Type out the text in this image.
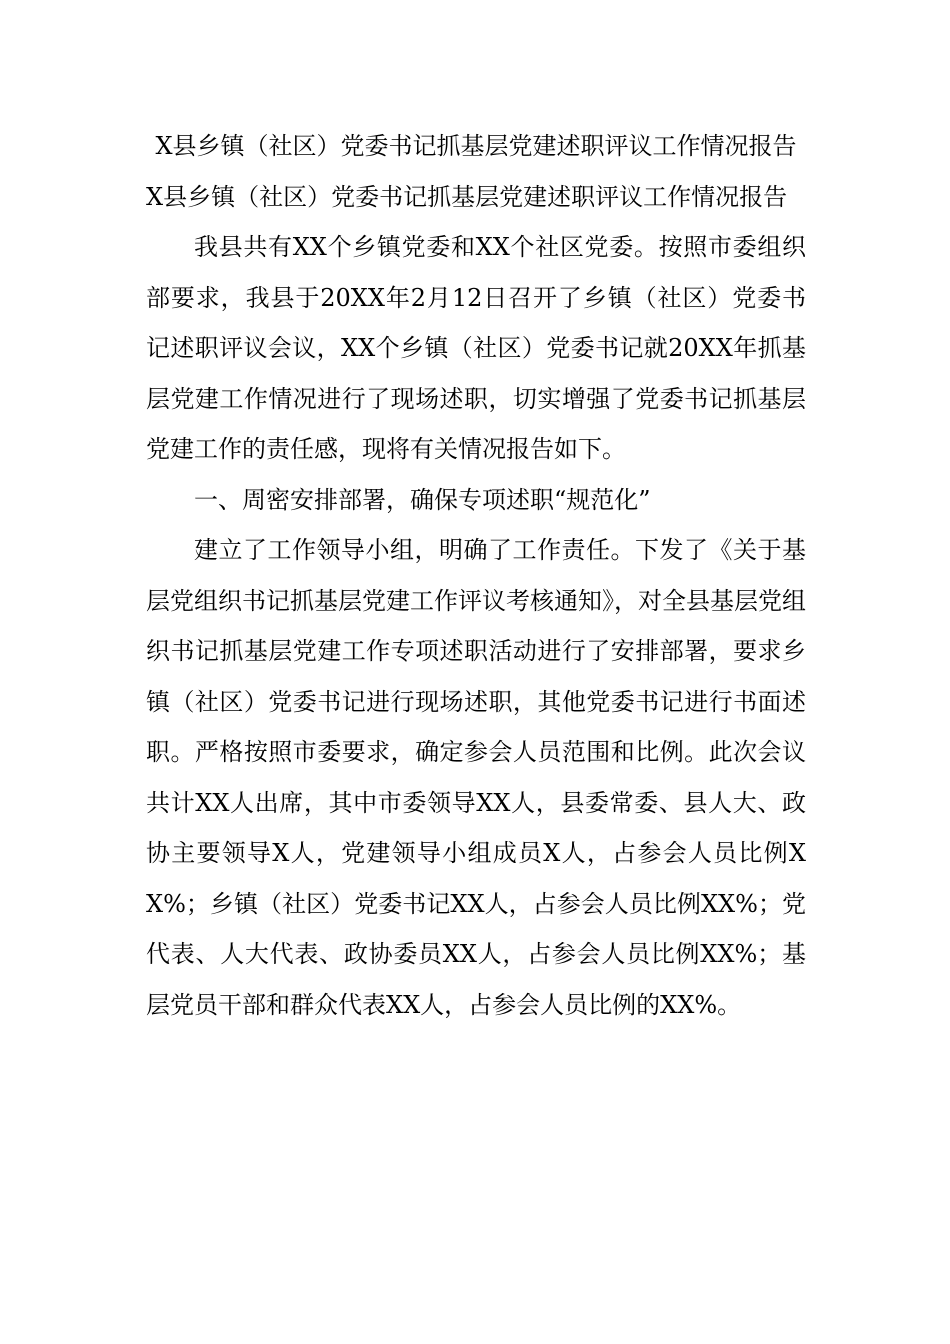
X县乡镇（社区）党委书记抓基层党建述职评议工作情况报告

X县乡镇（社区）党委书记抓基层党建述职评议工作情况报告

我县共有XX个乡镇党委和XX个社区党委。按照市委组织部要求，我县于20XX年2月12日召开了乡镇（社区）党委书记述职评议会议，XX个乡镇（社区）党委书记就20XX年抓基层党建工作情况进行了现场述职，切实增强了党委书记抓基层党建工作的责任感，现将有关情况报告如下。

一、周密安排部署，确保专项述职“规范化”

建立了工作领导小组，明确了工作责任。下发了《关于基层党组织书记抓基层党建工作评议考核通知》，对全县基层党组织书记抓基层党建工作专项述职活动进行了安排部署，要求乡镇（社区）党委书记进行现场述职，其他党委书记进行书面述职。严格按照市委要求，确定参会人员范围和比例。此次会议共计XX人出席，其中市委领导XX人，县委常委、县人大、政协主要领导X人，党建领导小组成员X人，占参会人员比例XX%；乡镇（社区）党委书记XX人，占参会人员比例XX%；党代表、人大代表、政协委员XX人，占参会人员比例XX%；基层党员干部和群众代表XX人，占参会人员比例的XX%。
